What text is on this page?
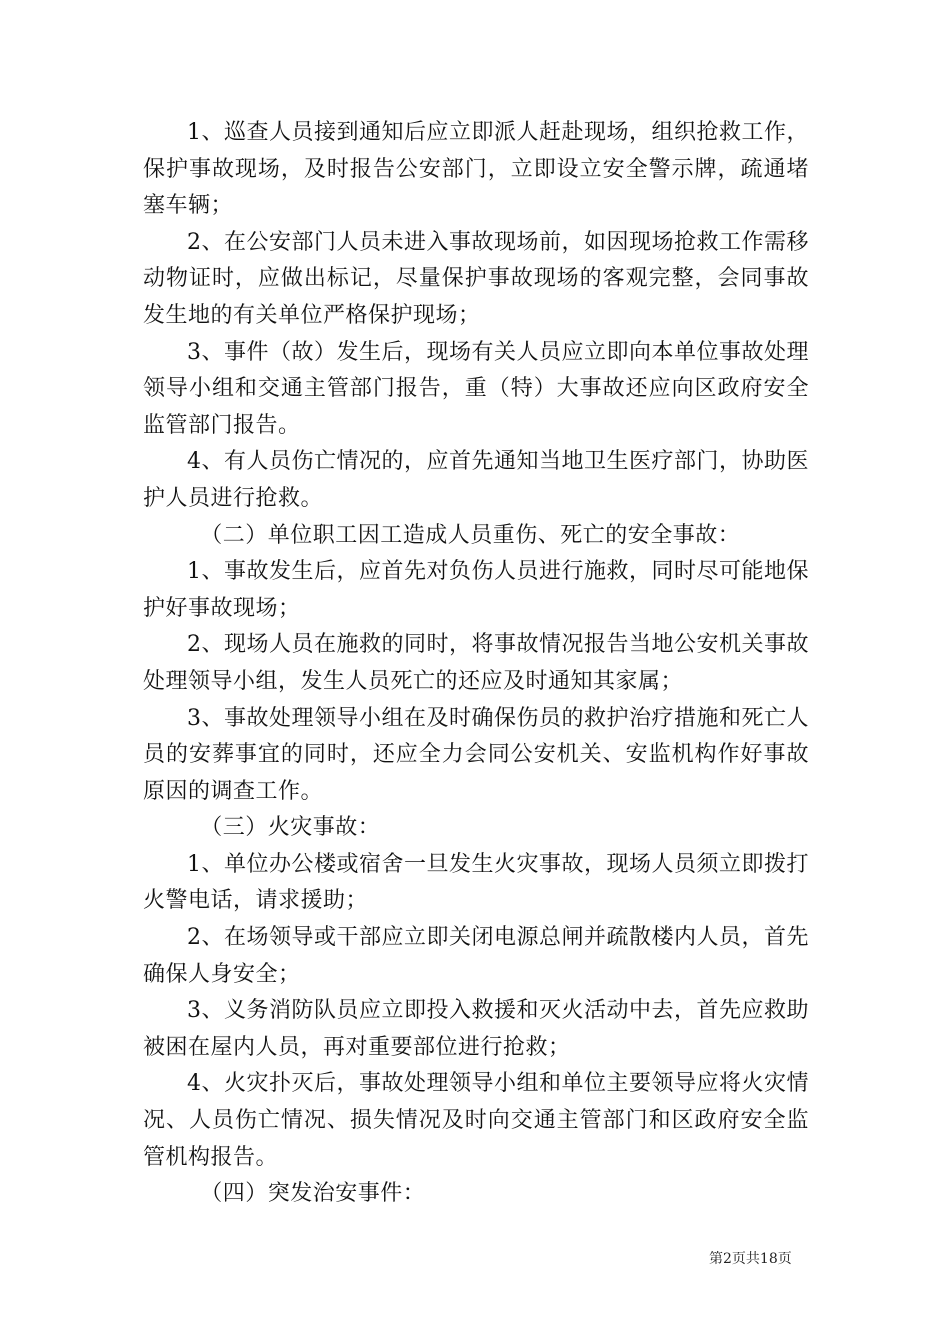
1、巡查人员接到通知后应立即派人赶赴现场，组织抢救工作，保护事故现场，及时报告公安部门，立即设立安全警示牌，疏通堵塞车辆；

2、在公安部门人员未进入事故现场前，如因现场抢救工作需移动物证时，应做出标记，尽量保护事故现场的客观完整，会同事故发生地的有关单位严格保护现场；

3、事件（故）发生后，现场有关人员应立即向本单位事故处理领导小组和交通主管部门报告，重（特）大事故还应向区政府安全监管部门报告。

4、有人员伤亡情况的，应首先通知当地卫生医疗部门，协助医护人员进行抢救。

（二）单位职工因工造成人员重伤、死亡的安全事故：

1、事故发生后，应首先对负伤人员进行施救，同时尽可能地保护好事故现场；

2、现场人员在施救的同时，将事故情况报告当地公安机关事故处理领导小组，发生人员死亡的还应及时通知其家属；

3、事故处理领导小组在及时确保伤员的救护治疗措施和死亡人员的安葬事宜的同时，还应全力会同公安机关、安监机构作好事故原因的调查工作。

（三）火灾事故：

1、单位办公楼或宿舍一旦发生火灾事故，现场人员须立即拨打火警电话，请求援助；

2、在场领导或干部应立即关闭电源总闸并疏散楼内人员，首先确保人身安全；

3、义务消防队员应立即投入救援和灭火活动中去，首先应救助被困在屋内人员，再对重要部位进行抢救；

4、火灾扑灭后，事故处理领导小组和单位主要领导应将火灾情况、人员伤亡情况、损失情况及时向交通主管部门和区政府安全监管机构报告。

（四）突发治安事件：

第2页共18页
